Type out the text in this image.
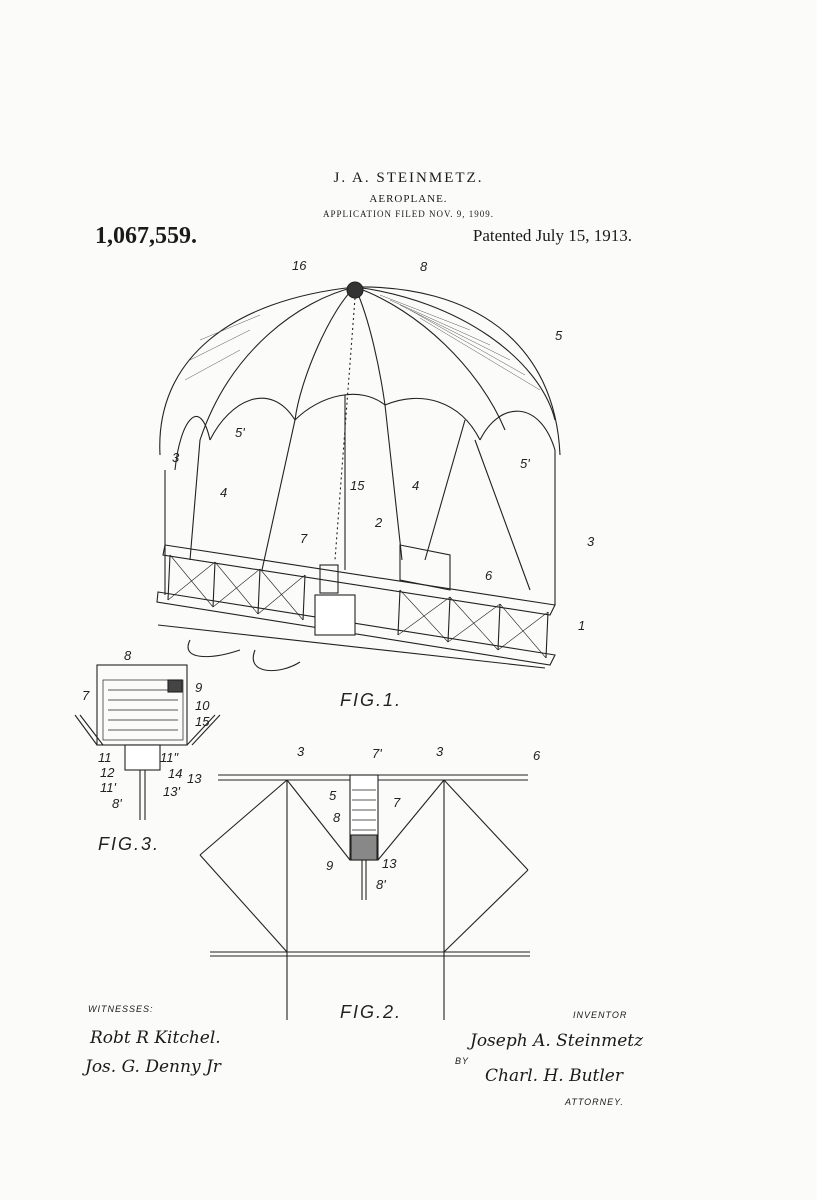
J. A. STEINMETZ.
AEROPLANE.
APPLICATION FILED NOV. 9, 1909.
1,067,559.	Patented July 15, 1913.
16	8
5
5'
5'
3
4	15	4
2
7	3
6
1
FIG.1.
3	7'	3	6
5	7
8
9	13
8'
FIG.2.
8
9
7
10
15
11	11"
12	14 13
11'	13'
8'
FIG.3.
WITNESSES:
Robt R Kitchel.
Jos. G. Denny Jr
INVENTOR
Joseph A. Steinmetz
BY
Charl. H. Butler
ATTORNEY.
